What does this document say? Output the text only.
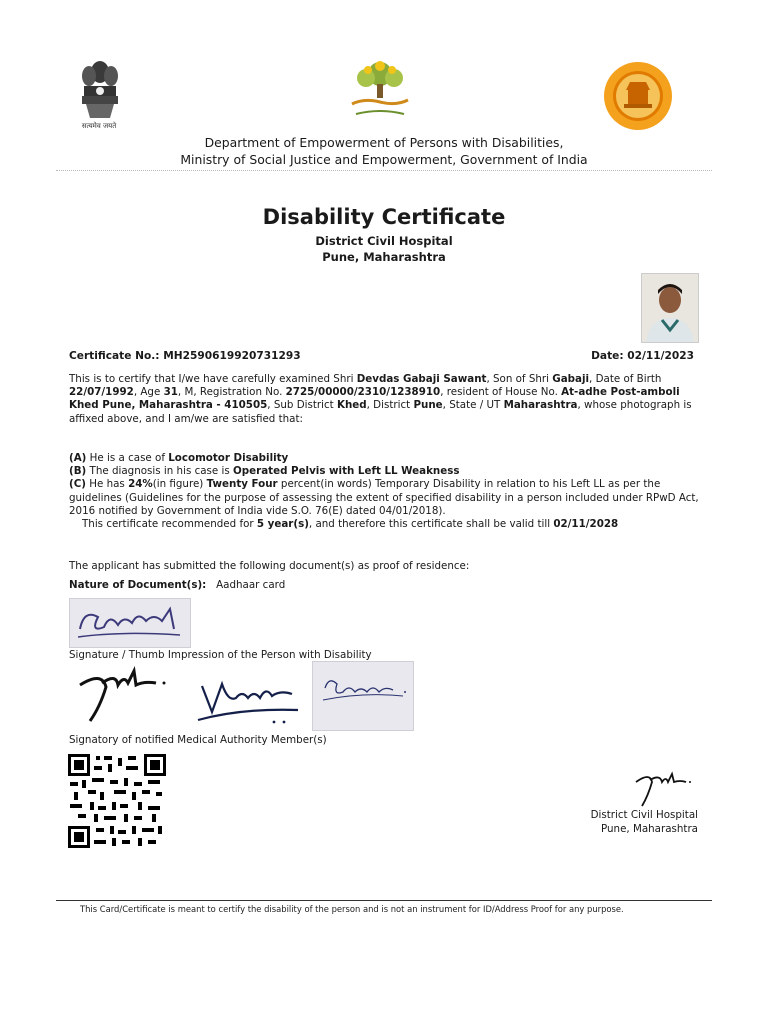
सत्यमेव जयते
Department of Empowerment of Persons with Disabilities,
Ministry of Social Justice and Empowerment, Government of India
Disability Certificate
District Civil Hospital
Pune, Maharashtra
Certificate No.: MH2590619920731293	Date: 02/11/2023
This is to certify that I/we have carefully examined Shri Devdas Gabaji Sawant, Son of Shri Gabaji, Date of Birth 22/07/1992, Age 31, M, Registration No. 2725/00000/2310/1238910, resident of House No. At-adhe Post-amboli Khed Pune, Maharashtra - 410505, Sub District Khed, District Pune, State / UT Maharashtra, whose photograph is affixed above, and I am/we are satisfied that:
(A) He is a case of Locomotor Disability
(B) The diagnosis in his case is Operated Pelvis with Left LL Weakness
(C) He has 24%(in figure) Twenty Four percent(in words) Temporary Disability in relation to his Left LL as per the guidelines (Guidelines for the purpose of assessing the extent of specified disability in a person included under RPwD Act, 2016 notified by Government of India vide S.O. 76(E) dated 04/01/2018).
This certificate recommended for 5 year(s), and therefore this certificate shall be valid till 02/11/2028
The applicant has submitted the following document(s) as proof of residence:
Nature of Document(s): Aadhaar card
Signature / Thumb Impression of the Person with Disability
Signatory of notified Medical Authority Member(s)
District Civil Hospital
Pune, Maharashtra
This Card/Certificate is meant to certify the disability of the person and is not an instrument for ID/Address Proof for any purpose.
